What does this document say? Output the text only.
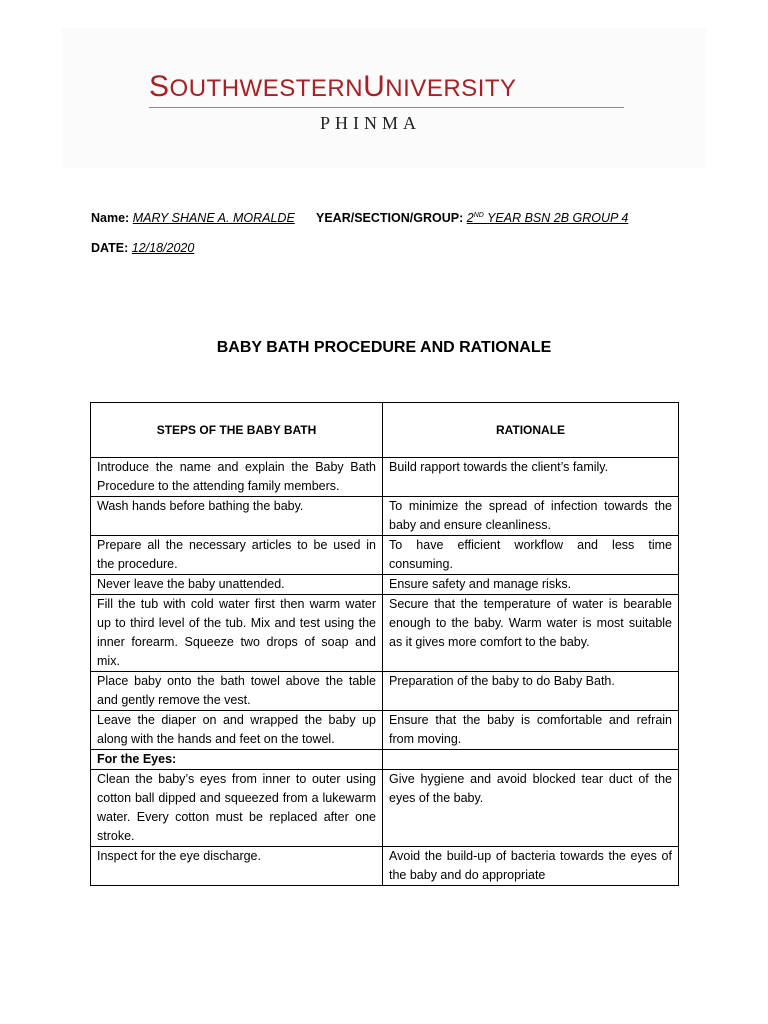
SOUTHWESTERNUNIVERSITY
PHINMA
Name: MARY SHANE A. MORALDE YEAR/SECTION/GROUP: 2ND YEAR BSN 2B GROUP 4
DATE: 12/18/2020
BABY BATH PROCEDURE AND RATIONALE
STEPS OF THE BABY BATH	RATIONALE
Introduce the name and explain the Baby Bath Procedure to the attending family members.	Build rapport towards the client’s family.
Wash hands before bathing the baby.	To minimize the spread of infection towards the baby and ensure cleanliness.
Prepare all the necessary articles to be used in the procedure.	To have efficient workflow and less time consuming.
Never leave the baby unattended.	Ensure safety and manage risks.
Fill the tub with cold water first then warm water up to third level of the tub. Mix and test using the inner forearm. Squeeze two drops of soap and mix.	Secure that the temperature of water is bearable enough to the baby. Warm water is most suitable as it gives more comfort to the baby.
Place baby onto the bath towel above the table and gently remove the vest.	Preparation of the baby to do Baby Bath.
Leave the diaper on and wrapped the baby up along with the hands and feet on the towel.	Ensure that the baby is comfortable and refrain from moving.
For the Eyes:	
Clean the baby’s eyes from inner to outer using cotton ball dipped and squeezed from a lukewarm water. Every cotton must be replaced after one stroke.	Give hygiene and avoid blocked tear duct of the eyes of the baby.
Inspect for the eye discharge.	Avoid the build-up of bacteria towards the eyes of the baby and do appropriate
